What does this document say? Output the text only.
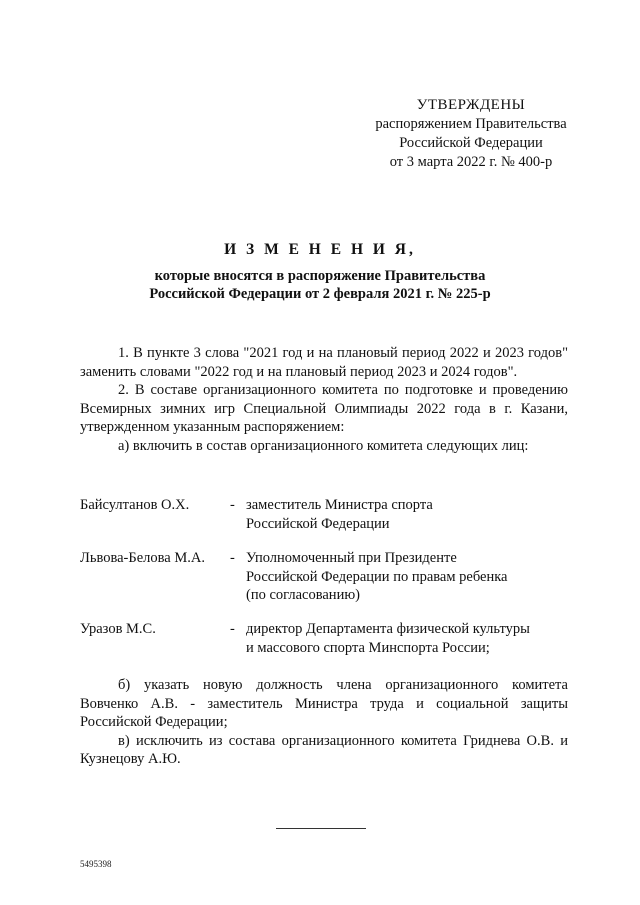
УТВЕРЖДЕНЫ
распоряжением Правительства
Российской Федерации
от 3 марта 2022 г. № 400-р
И З М Е Н Е Н И Я,
которые вносятся в распоряжение Правительства
Российской Федерации от 2 февраля 2021 г. № 225-р

1. В пункте 3 слова "2021 год и на плановый период 2022 и 2023 годов" заменить словами "2022 год и на плановый период 2023 и 2024 годов".

2. В составе организационного комитета по подготовке и проведению Всемирных зимних игр Специальной Олимпиады 2022 года в г. Казани, утвержденном указанным распоряжением:

а) включить в состав организационного комитета следующих лиц:

Байсултанов О.Х.	- заместитель Министра спорта
Российской Федерации
Львова-Белова М.А.	- Уполномоченный при Президенте
Российской Федерации по правам ребенка
(по согласованию)
Уразов М.С.	- директор Департамента физической культуры
и массового спорта Минспорта России;

б) указать новую должность члена организационного комитета Вовченко А.В. - заместитель Министра труда и социальной защиты Российской Федерации;

в) исключить из состава организационного комитета Гриднева О.В. и Кузнецову А.Ю.

5495398
